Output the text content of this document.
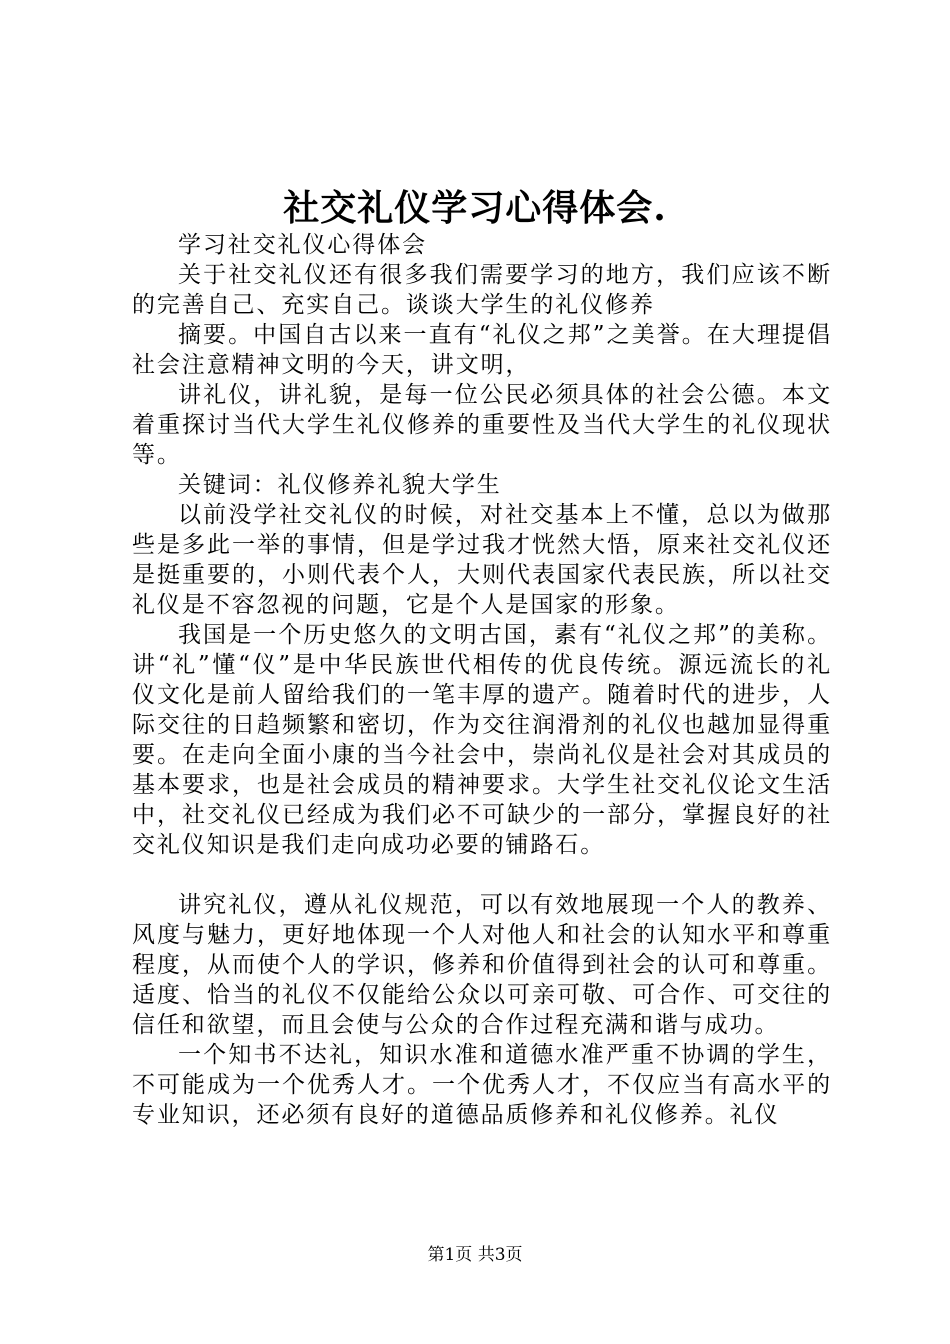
社交礼仪学习心得体会.

学习社交礼仪心得体会

关于社交礼仪还有很多我们需要学习的地方，我们应该不断的完善自己、充实自己。谈谈大学生的礼仪修养

摘要。中国自古以来一直有“礼仪之邦”之美誉。在大理提倡社会注意精神文明的今天，讲文明，

讲礼仪，讲礼貌，是每一位公民必须具体的社会公德。本文着重探讨当代大学生礼仪修养的重要性及当代大学生的礼仪现状等。

关键词：礼仪修养礼貌大学生

以前没学社交礼仪的时候，对社交基本上不懂，总以为做那些是多此一举的事情，但是学过我才恍然大悟，原来社交礼仪还是挺重要的，小则代表个人，大则代表国家代表民族，所以社交礼仪是不容忽视的问题，它是个人是国家的形象。

我国是一个历史悠久的文明古国，素有“礼仪之邦”的美称。讲“礼”懂“仪”是中华民族世代相传的优良传统。源远流长的礼仪文化是前人留给我们的一笔丰厚的遗产。随着时代的进步，人际交往的日趋频繁和密切，作为交往润滑剂的礼仪也越加显得重要。在走向全面小康的当今社会中，崇尚礼仪是社会对其成员的基本要求，也是社会成员的精神要求。大学生社交礼仪论文生活中，社交礼仪已经成为我们必不可缺少的一部分，掌握良好的社交礼仪知识是我们走向成功必要的铺路石。

讲究礼仪，遵从礼仪规范，可以有效地展现一个人的教养、风度与魅力，更好地体现一个人对他人和社会的认知水平和尊重程度，从而使个人的学识，修养和价值得到社会的认可和尊重。适度、恰当的礼仪不仅能给公众以可亲可敬、可合作、可交往的信任和欲望，而且会使与公众的合作过程充满和谐与成功。

一个知书不达礼，知识水准和道德水准严重不协调的学生，不可能成为一个优秀人才。一个优秀人才，不仅应当有高水平的专业知识，还必须有良好的道德品质修养和礼仪修养。礼仪

第1页 共3页
